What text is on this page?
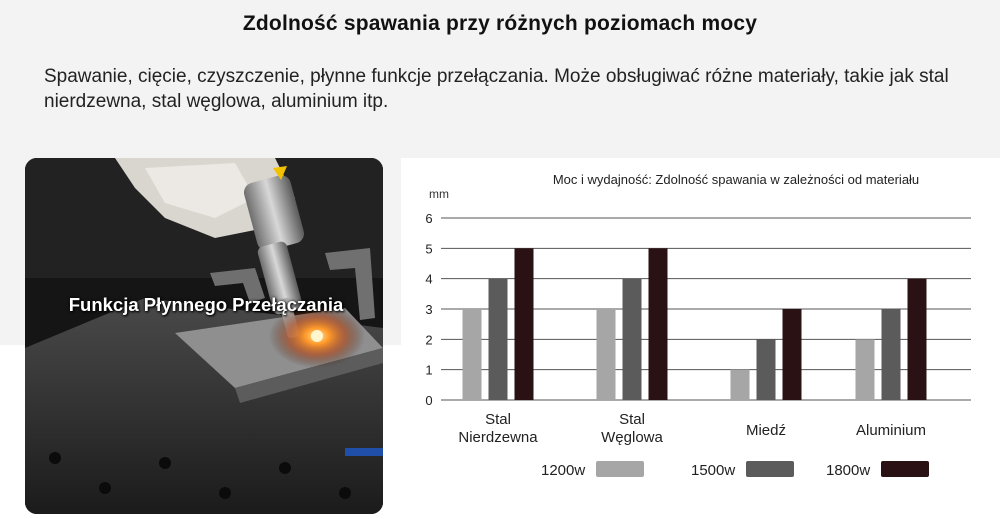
Zdolność spawania przy różnych poziomach mocy
Spawanie, cięcie, czyszczenie, płynne funkcje przełączania. Może obsługiwać różne materiały, takie jak stal nierdzewna, stal węglowa, aluminium itp.
Funkcja Płynnego Przełączania
Moc i wydajność: Zdolność spawania w zależności od materiału
mm
0
1
2
3
4
5
6
Stal
Nierdzewna
Stal
Węglowa	Miedź	Aluminium
1200w	1500w	1800w
